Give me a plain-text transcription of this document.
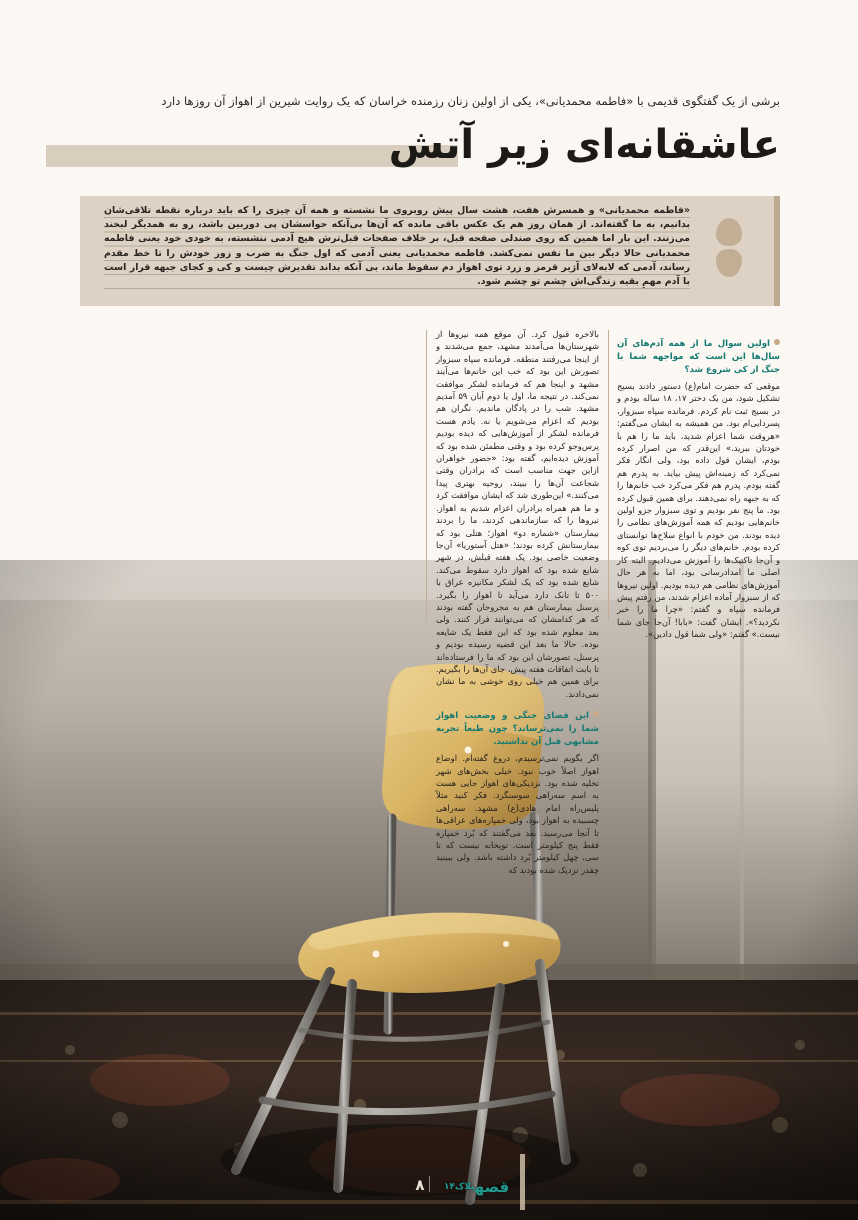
برشی از یک گفتگوی قدیمی با «فاطمه محمدیانی»، یکی از اولین زنان رزمنده خراسان که یک روایت شیرین از اهواز آن روزها دارد
عاشقانه‌ای زیر آتش

«فاطمه محمدیانی» و همسرش هفت، هشت سال پیش روبروی ما نشسته و همه آن چیزی را که باید درباره نقطه تلاقی‌شان بدانیم، به ما گفته‌اند. از همان روز هم یک عکس باقی مانده که آن‌ها بی‌آنکه حواسشان پی دوربین باشد، رو به همدیگر لبخند می‌زنند. این بار اما همین که روی صندلی صفحه قبل، بر خلاف صفحات قبل‌ترش هیچ آدمی ننشسته، به خودی خود یعنی فاطمه محمدیانی حالا دیگر بین ما نفس نمی‌کشد. فاطمه محمدیانی یعنی آدمی که اول جنگ به ضرب و زور خودش را تا خط مقدم رساند، آدمی که لابه‌لای آژیر قرمز و زرد توی اهواز دم سقوط ماند، بی آنکه بداند تقدیرش چیست و کی و کجای جبهه قرار است با آدم مهمِ بقیه زندگی‌اش چشم تو چشم شود.

اولین سوال ما از همه آدم‌های آن سال‌ها این است که مواجهه شما با جنگ از کی شروع شد؟

موقعی که حضرت امام(ع) دستور دادند بسیج تشکیل شود، من یک دختر ۱۷، ۱۸ ساله بودم و در بسیج ثبت نام کردم. فرمانده سپاه سبزوار، پسردایی‌ام بود. من همیشه به ایشان می‌گفتم: «هروقت شما اعزام شدید، باید ما را هم با خودتان ببرید.» این‌قدر که من اصرار کرده بودم، ایشان قول داده بود، ولی انگار فکر نمی‌کرد که زمینه‌اش پیش بیاید. به پدرم هم گفته بودم. پدرم هم فکر می‌کرد خب خانم‌ها را که به جبهه راه نمی‌دهند. برای همین قبول کرده بود. ما پنج نفر بودیم و توی سبزوار جزو اولین خانم‌هایی بودیم که همه آموزش‌های نظامی را دیده بودند. من خودم با انواع سلاح‌ها توانستای کرده بودم. خانم‌های دیگر را می‌بردیم توی کوه و آن‌جا تاکتیک‌ها را آموزش می‌دادیم. البته کار اصلی ما امدادرسانی بود، اما به هر حال آموزش‌های نظامی هم دیده بودیم. اولین نیروها که از سبزوار آماده اعزام شدند، من رفتم پیش فرمانده سپاه و گفتم: «چرا ما را خبر نکردید؟». ایشان گفت: «بابا! آن‌جا جای شما نیست.» گفتم: «ولی شما قول دادین».

بالاخره قبول کرد. آن موقع همه نیروها از شهرستان‌ها می‌آمدند مشهد، جمع می‌شدند و از اینجا می‌رفتند منطقه. فرمانده سپاه سبزوار تصورش این بود که خب این خانم‌ها می‌آیند مشهد و اینجا هم که فرمانده لشکر موافقت نمی‌کند. در نتیجه ما، اول یا دوم آبان ۵۹ آمدیم مشهد. شب را در پادگان ماندیم. نگران هم بودیم که اعزام می‌شویم یا نه. یادم هست فرمانده لشکر از آموزش‌هایی که دیده بودیم پرس‌وجو کرده بود و وقتی مطمئن شده بود که آموزش دیده‌ایم، گفته بود: «حضور خواهران ازاین جهت مناسب است که برادران وقتی شجاعت آن‌ها را ببیند، روحیه بهتری پیدا می‌کنند.» این‌طوری شد که ایشان موافقت کرد و ما هم همراه برادران اعزام شدیم به اهواز. نیروها را که سازماندهی کردند، ما را بردند بیمارستان «شماره دو» اهواز؛ هتلی بود که بیمارستانش کرده بودند؛ «هتل آستوریا» آن‌جا وضعیت خاصی بود. یک هفته قبلش، در شهر شایع شده بود که اهواز دارد سقوط می‌کند. شایع شده بود که یک لشکر مکانیزه عراق با ۵۰۰ تا تانک دارد می‌آید تا اهواز را بگیرد. پرسنل بیمارستان هم به مجروحان گفته بودند که هر کدامشان که می‌توانند فرار کنند. ولی بعد معلوم شده بود که این فقط یک شایعه بوده. حالا ما بعد این قضیه رسیده بودیم و پرسنل، تصورشان این بود که ما را فرستاده‌اند تا بابت اتفاقات هفته پیش، جای آن‌ها را بگیریم. برای همین هم خیلی روی خوشی به ما نشان نمی‌دادند.

این فضای جنگی و وضعیت اهواز شما را نمی‌ترساند؟ چون طبعاً تجربه مشابهی قبل آن نداشتید.

اگر بگویم نمی‌ترسیدم، دروغ گفته‌ام. اوضاع اهواز اصلاً خوب نبود. خیلی بخش‌های شهر تخلیه شده بود. نزدیکی‌های اهواز جایی هست به اسم سه‌راهی سوسنگرد. فکر کنید مثلاً پلیس‌راه امام هادی(ع) مشهد. سه‌راهی چسبیده به اهواز بود، ولی خمپاره‌های عراقی‌ها تا آنجا می‌رسید. بعد می‌گفتند که بُرد خمپاره فقط پنج کیلومتر است. توپخانه نیست که تا سی، چهل کیلومتر بُرد داشته باشد. ولی ببینید چقدر نزدیک شده بودند که

۸	قصه$^{پلاک۱۴}$
